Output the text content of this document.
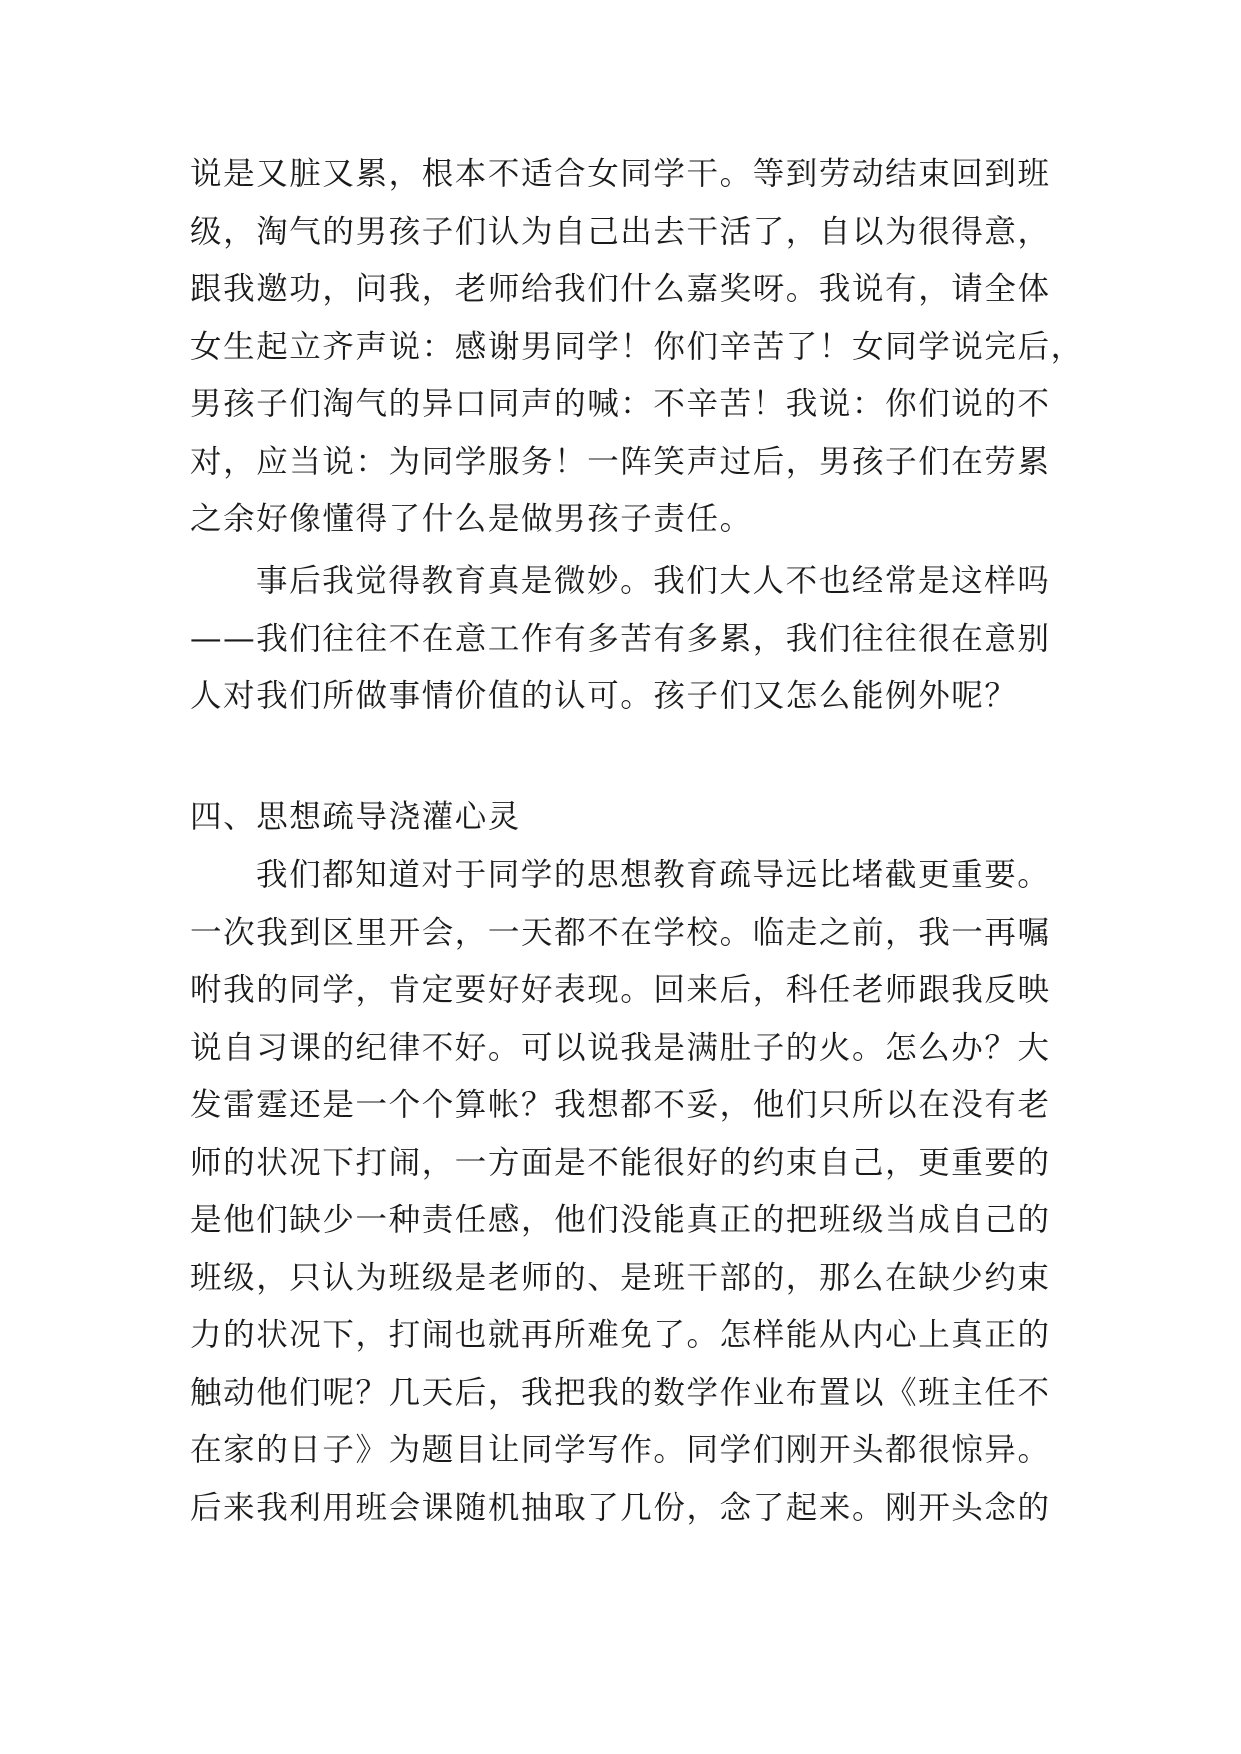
说是又脏又累，根本不适合女同学干。等到劳动结束回到班
级，淘气的男孩子们认为自己出去干活了，自以为很得意，
跟我邀功，问我，老师给我们什么嘉奖呀。我说有，请全体
女生起立齐声说：感谢男同学！你们辛苦了！女同学说完后，
男孩子们淘气的异口同声的喊：不辛苦！我说：你们说的不
对，应当说：为同学服务！一阵笑声过后，男孩子们在劳累
之余好像懂得了什么是做男孩子责任。
事后我觉得教育真是微妙。我们大人不也经常是这样吗
——我们往往不在意工作有多苦有多累，我们往往很在意别
人对我们所做事情价值的认可。孩子们又怎么能例外呢？
四、思想疏导浇灌心灵
我们都知道对于同学的思想教育疏导远比堵截更重要。
一次我到区里开会，一天都不在学校。临走之前，我一再嘱
咐我的同学，肯定要好好表现。回来后，科任老师跟我反映
说自习课的纪律不好。可以说我是满肚子的火。怎么办？大
发雷霆还是一个个算帐？我想都不妥，他们只所以在没有老
师的状况下打闹，一方面是不能很好的约束自己，更重要的
是他们缺少一种责任感，他们没能真正的把班级当成自己的
班级，只认为班级是老师的、是班干部的，那么在缺少约束
力的状况下，打闹也就再所难免了。怎样能从内心上真正的
触动他们呢？几天后，我把我的数学作业布置以《班主任不
在家的日子》为题目让同学写作。同学们刚开头都很惊异。
后来我利用班会课随机抽取了几份，念了起来。刚开头念的
